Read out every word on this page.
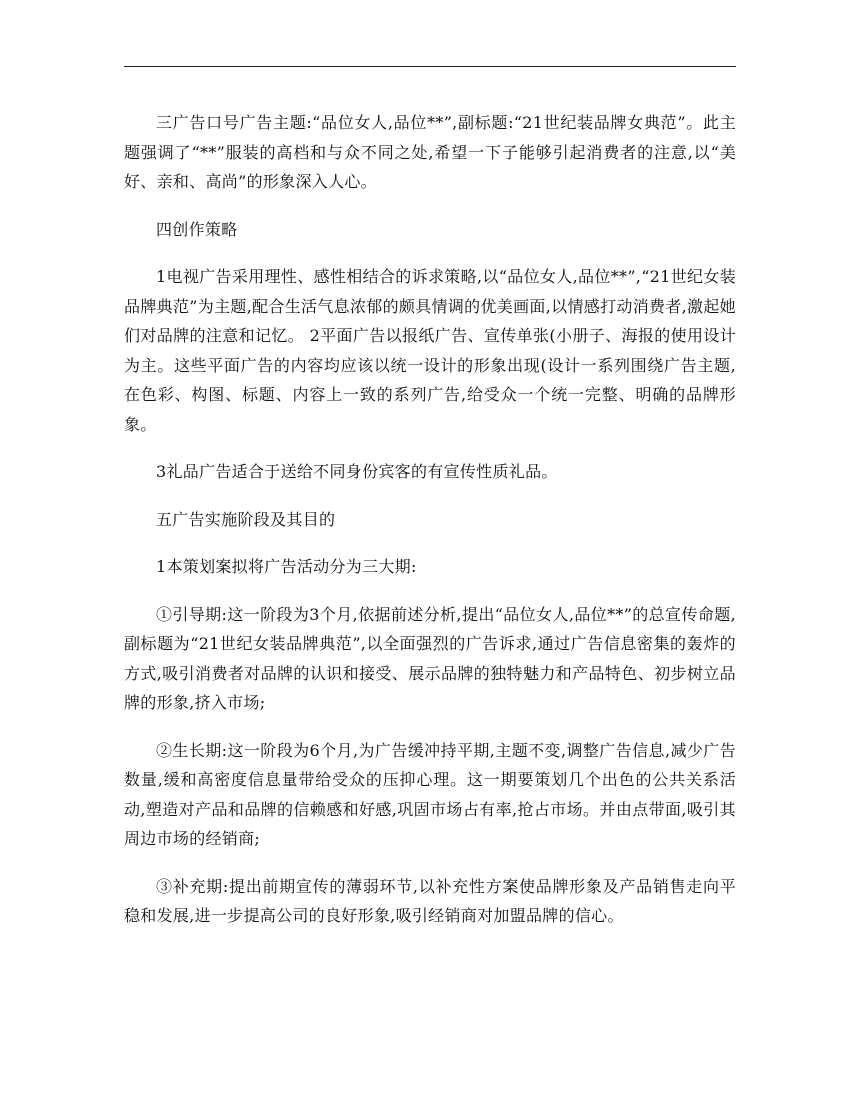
三广告口号广告主题:“品位女人,品位**”,副标题:“21世纪装品牌女典范”。此主题强调了“**”服装的高档和与众不同之处,希望一下子能够引起消费者的注意,以“美好、亲和、高尚”的形象深入人心。

四创作策略

1电视广告采用理性、感性相结合的诉求策略,以“品位女人,品位**”,“21世纪女装品牌典范”为主题,配合生活气息浓郁的颇具情调的优美画面,以情感打动消费者,激起她们对品牌的注意和记忆。 2平面广告以报纸广告、宣传单张(小册子、海报的使用设计为主。这些平面广告的内容均应该以统一设计的形象出现(设计一系列围绕广告主题,在色彩、构图、标题、内容上一致的系列广告,给受众一个统一完整、明确的品牌形象。

3礼品广告适合于送给不同身份宾客的有宣传性质礼品。

五广告实施阶段及其目的

1本策划案拟将广告活动分为三大期:

①引导期:这一阶段为3个月,依据前述分析,提出“品位女人,品位**”的总宣传命题,副标题为“21世纪女装品牌典范”,以全面强烈的广告诉求,通过广告信息密集的轰炸的方式,吸引消费者对品牌的认识和接受、展示品牌的独特魅力和产品特色、初步树立品牌的形象,挤入市场;

②生长期:这一阶段为6个月,为广告缓冲持平期,主题不变,调整广告信息,减少广告数量,缓和高密度信息量带给受众的压抑心理。这一期要策划几个出色的公共关系活动,塑造对产品和品牌的信赖感和好感,巩固市场占有率,抢占市场。并由点带面,吸引其周边市场的经销商;

③补充期:提出前期宣传的薄弱环节,以补充性方案使品牌形象及产品销售走向平稳和发展,进一步提高公司的良好形象,吸引经销商对加盟品牌的信心。
